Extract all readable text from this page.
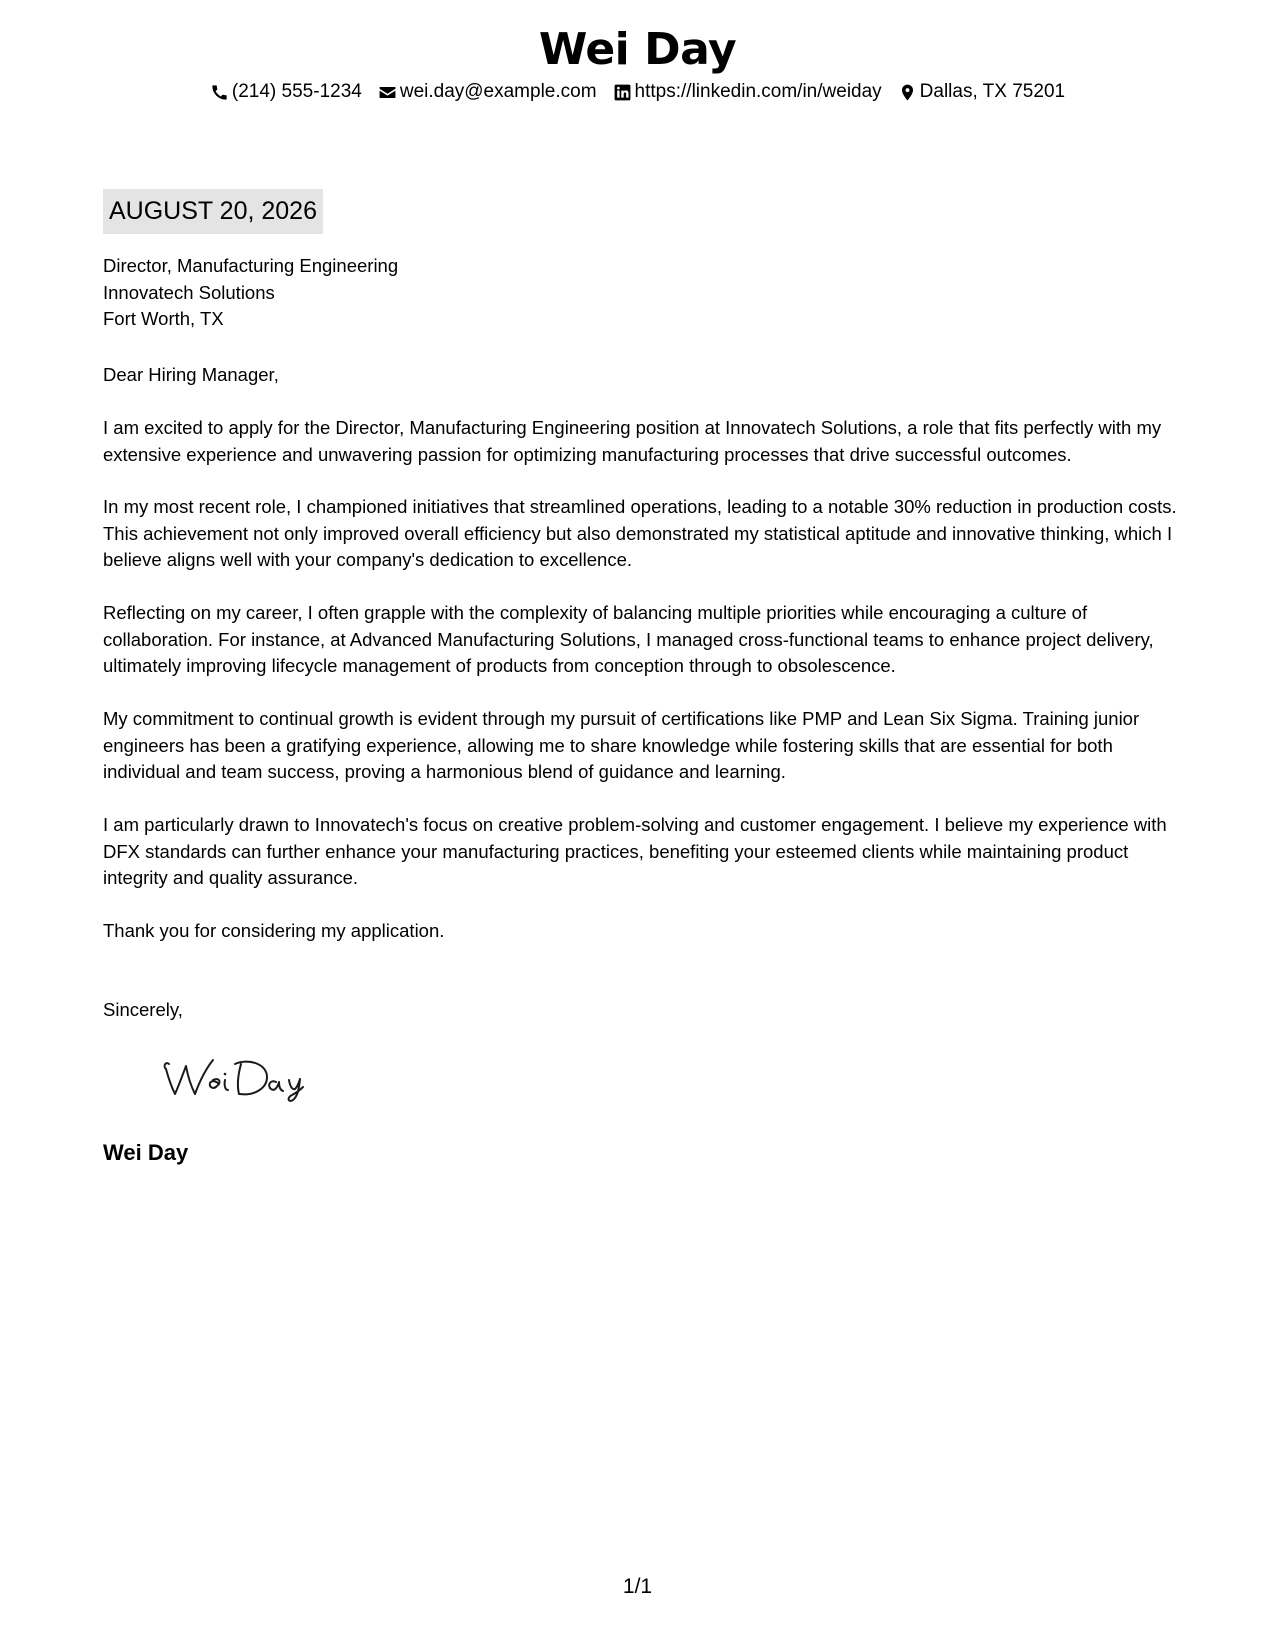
Wei Day
(214) 555-1234 wei.day@example.com https://linkedin.com/in/weiday Dallas, TX 75201
AUGUST 20, 2026
Director, Manufacturing Engineering
Innovatech Solutions
Fort Worth, TX
Dear Hiring Manager,
I am excited to apply for the Director, Manufacturing Engineering position at Innovatech Solutions, a role that fits perfectly with my extensive experience and unwavering passion for optimizing manufacturing processes that drive successful outcomes.
In my most recent role, I championed initiatives that streamlined operations, leading to a notable 30% reduction in production costs. This achievement not only improved overall efficiency but also demonstrated my statistical aptitude and innovative thinking, which I believe aligns well with your company's dedication to excellence.
Reflecting on my career, I often grapple with the complexity of balancing multiple priorities while encouraging a culture of collaboration. For instance, at Advanced Manufacturing Solutions, I managed cross-functional teams to enhance project delivery, ultimately improving lifecycle management of products from conception through to obsolescence.
My commitment to continual growth is evident through my pursuit of certifications like PMP and Lean Six Sigma. Training junior engineers has been a gratifying experience, allowing me to share knowledge while fostering skills that are essential for both individual and team success, proving a harmonious blend of guidance and learning.
I am particularly drawn to Innovatech's focus on creative problem-solving and customer engagement. I believe my experience with DFX standards can further enhance your manufacturing practices, benefiting your esteemed clients while maintaining product integrity and quality assurance.
Thank you for considering my application.
Sincerely,
Wei Day
1/1
